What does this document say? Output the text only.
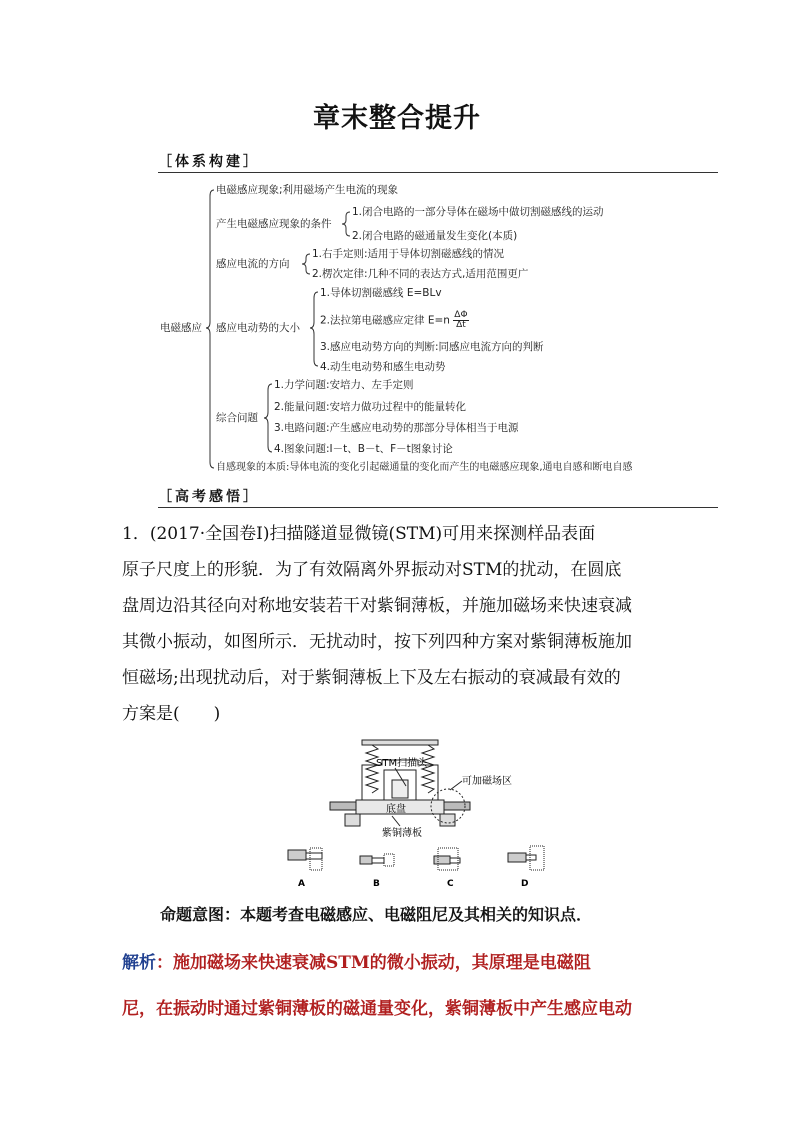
章末整合提升
［体系构建］
电磁感应
电磁感应现象;利用磁场产生电流的现象
产生电磁感应现象的条件
1.闭合电路的一部分导体在磁场中做切割磁感线的运动
2.闭合电路的磁通量发生变化(本质)
感应电流的方向
1.右手定则:适用于导体切割磁感线的情况
2.楞次定律:几种不同的表达方式,适用范围更广
感应电动势的大小
1.导体切割磁感线 E=BLv
2.法拉第电磁感应定律 $E=n \frac{\Delta\Phi}{\Delta t}$
3.感应电动势方向的判断:同感应电流方向的判断
4.动生电动势和感生电动势
综合问题
1.力学问题:安培力、左手定则
2.能量问题:安培力做功过程中的能量转化
3.电路问题:产生感应电动势的那部分导体相当于电源
4.图象问题:I－t、B－t、F－t图象讨论
自感现象的本质:导体电流的变化引起磁通量的变化而产生的电磁感应现象,通电自感和断电自感
［高考感悟］
1．(2017·全国卷Ⅰ)扫描隧道显微镜(STM)可用来探测样品表面
原子尺度上的形貌．为了有效隔离外界振动对STM的扰动，在圆底
盘周边沿其径向对称地安装若干对紫铜薄板，并施加磁场来快速衰减
其微小振动，如图所示．无扰动时，按下列四种方案对紫铜薄板施加
恒磁场;出现扰动后，对于紫铜薄板上下及左右振动的衰减最有效的
方案是(　　)
STM扫描头
可加磁场区
底盘
紫铜薄板
A	B	C	D
命题意图：本题考查电磁感应、电磁阻尼及其相关的知识点．
解析：施加磁场来快速衰减STM的微小振动，其原理是电磁阻
尼，在振动时通过紫铜薄板的磁通量变化，紫铜薄板中产生感应电动
